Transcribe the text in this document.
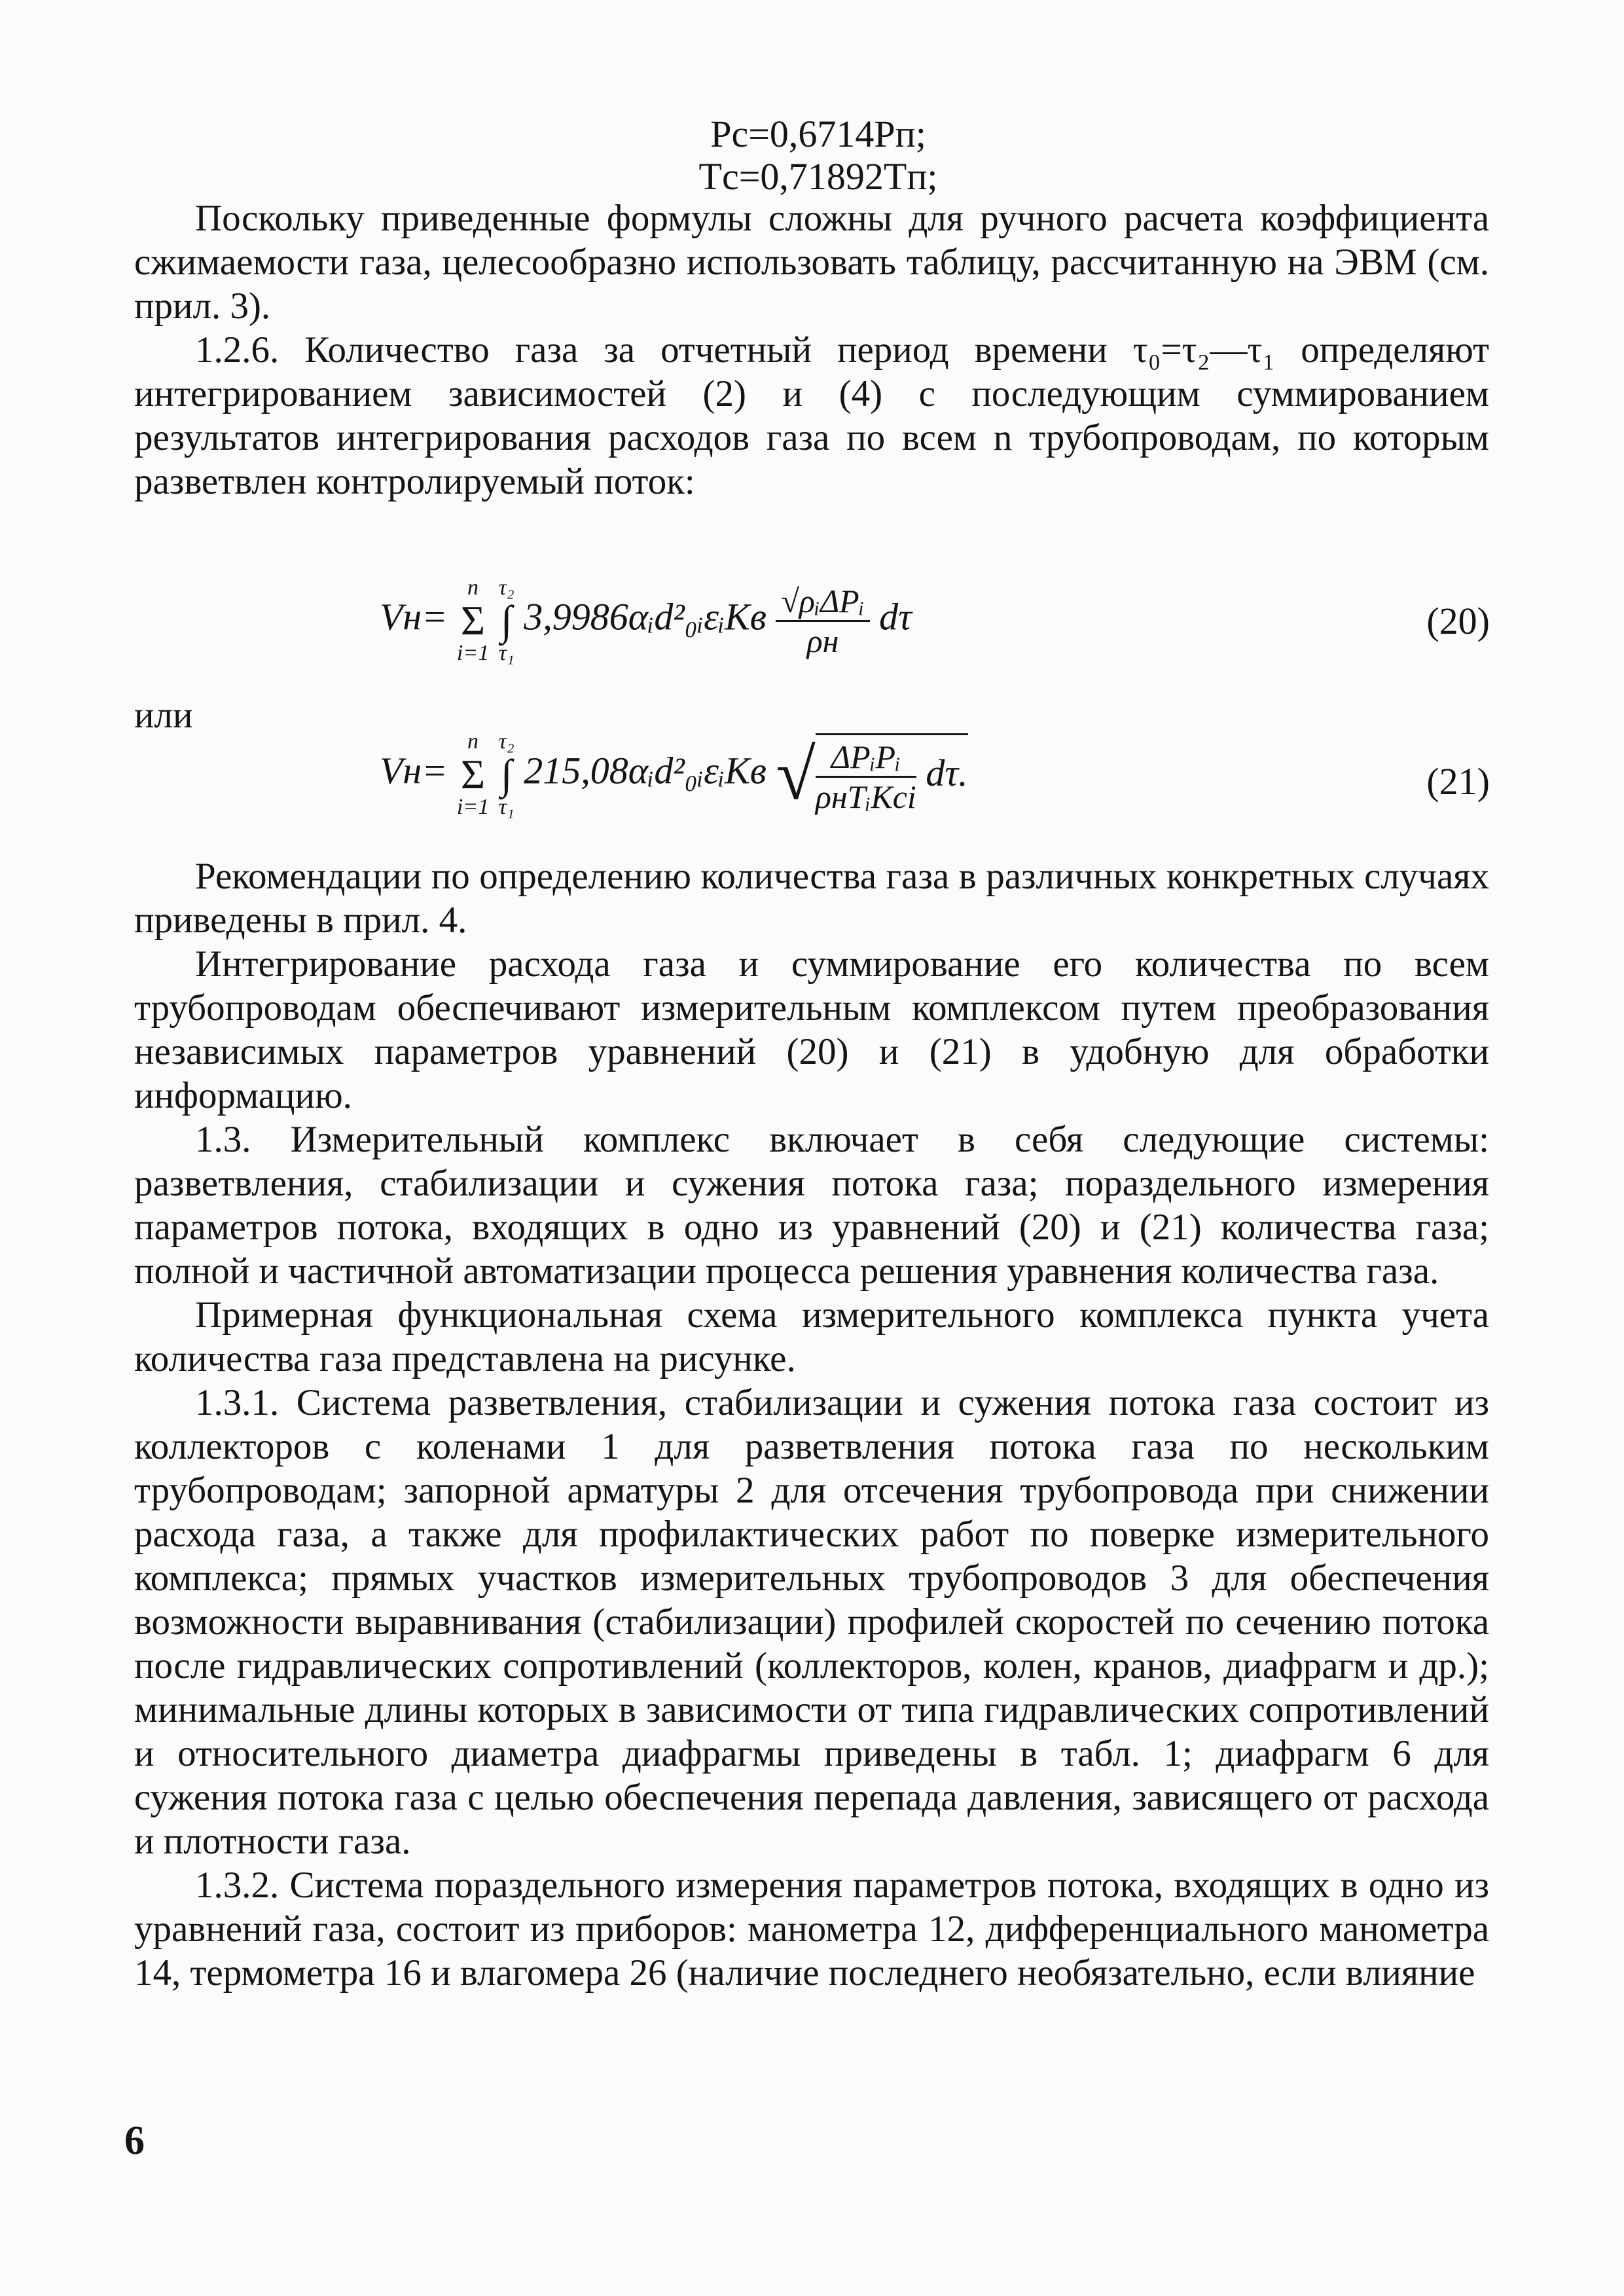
Pс=0,6714Pп;
Tс=0,71892Tп;

Поскольку приведенные формулы сложны для ручного расчета коэффициента сжимаемости газа, целесообразно использовать таблицу, рассчитанную на ЭВМ (см. прил. 3).

1.2.6. Количество газа за отчетный период времени τ₀=τ₂—τ₁ определяют интегрированием зависимостей (2) и (4) с последующим суммированием результатов интегрирования расходов газа по всем n трубопроводам, по которым разветвлен контролируемый поток:

Vн=
n
Σ
i=1

τ₂
∫
τ₁
3,9986αᵢd²₀ᵢεᵢKв $\frac{\text{√ρᵢΔPᵢ}}{\rho н}$ dτ	(20)
или
Vн=
n
Σ
i=1

τ₂
∫
τ₁
215,08αᵢd²₀ᵢεᵢKв √ $\frac{\text{ΔPᵢPᵢ}}{\text{ρнTᵢKсi}} d\tau$.	(21)

Рекомендации по определению количества газа в различных конкретных случаях приведены в прил. 4.

Интегрирование расхода газа и суммирование его количества по всем трубопроводам обеспечивают измерительным комплексом путем преобразования независимых параметров уравнений (20) и (21) в удобную для обработки информацию.

1.3. Измерительный комплекс включает в себя следующие системы: разветвления, стабилизации и сужения потока газа; пораздельного измерения параметров потока, входящих в одно из уравнений (20) и (21) количества газа; полной и частичной автоматизации процесса решения уравнения количества газа.

Примерная функциональная схема измерительного комплекса пункта учета количества газа представлена на рисунке.

1.3.1. Система разветвления, стабилизации и сужения потока газа состоит из коллекторов с коленами 1 для разветвления потока газа по нескольким трубопроводам; запорной арматуры 2 для отсечения трубопровода при снижении расхода газа, а также для профилактических работ по поверке измерительного комплекса; прямых участков измерительных трубопроводов 3 для обеспечения возможности выравнивания (стабилизации) профилей скоростей по сечению потока после гидравлических сопротивлений (коллекторов, колен, кранов, диафрагм и др.); минимальные длины которых в зависимости от типа гидравлических сопротивлений и относительного диаметра диафрагмы приведены в табл. 1; диафрагм 6 для сужения потока газа с целью обеспечения перепада давления, зависящего от расхода и плотности газа.

1.3.2. Система пораздельного измерения параметров потока, входящих в одно из уравнений газа, состоит из приборов: манометра 12, дифференциального манометра 14, термометра 16 и влагомера 26 (наличие последнего необязательно, если влияние

6
